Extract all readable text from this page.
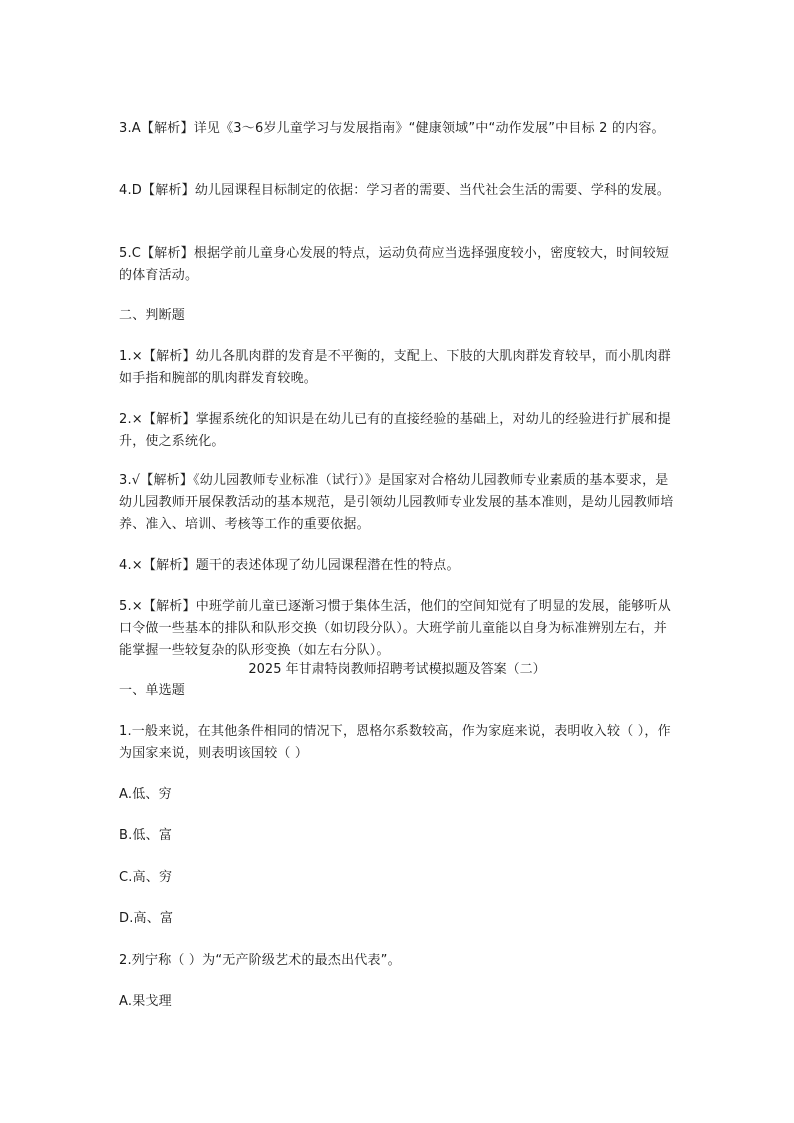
3.A【解析】详见《3～6岁儿童学习与发展指南》“健康领域”中“动作发展”中目标 2 的内容。

4.D【解析】幼儿园课程目标制定的依据：学习者的需要、当代社会生活的需要、学科的发展。

5.C【解析】根据学前儿童身心发展的特点，运动负荷应当选择强度较小，密度较大，时间较短的体育活动。

二、判断题

1.×【解析】幼儿各肌肉群的发育是不平衡的，支配上、下肢的大肌肉群发育较早，而小肌肉群如手指和腕部的肌肉群发育较晚。

2.×【解析】掌握系统化的知识是在幼儿已有的直接经验的基础上，对幼儿的经验进行扩展和提升，使之系统化。

3.√【解析】《幼儿园教师专业标准（试行）》是国家对合格幼儿园教师专业素质的基本要求，是幼儿园教师开展保教活动的基本规范，是引领幼儿园教师专业发展的基本准则，是幼儿园教师培养、准入、培训、考核等工作的重要依据。

4.×【解析】题干的表述体现了幼儿园课程潜在性的特点。

5.×【解析】中班学前儿童已逐渐习惯于集体生活，他们的空间知觉有了明显的发展，能够听从口令做一些基本的排队和队形交换（如切段分队）。大班学前儿童能以自身为标准辨别左右，并能掌握一些较复杂的队形变换（如左右分队）。

2025 年甘肃特岗教师招聘考试模拟题及答案（二）

一、单选题

1.一般来说，在其他条件相同的情况下，恩格尔系数较高，作为家庭来说，表明收入较（ ），作为国家来说，则表明该国较（ ）

A.低、穷

B.低、富

C.高、穷

D.高、富

2.列宁称（ ）为“无产阶级艺术的最杰出代表”。

A.果戈理
